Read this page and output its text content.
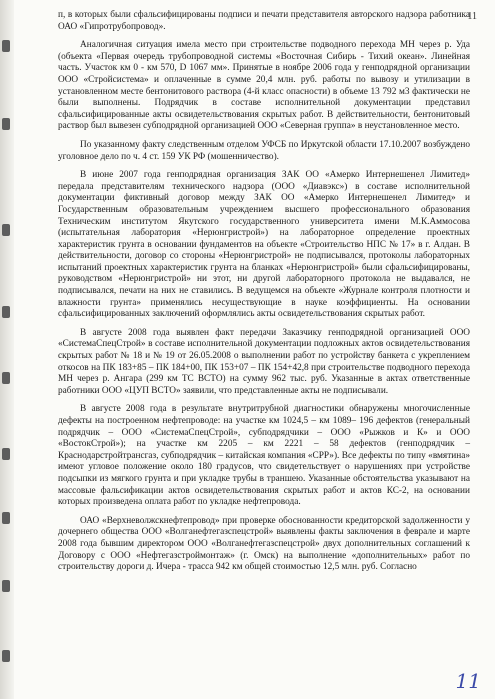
11

п, в которых были сфальсифицированы подписи и печати представителя авторского надзора работника ОАО «Гипротрубопровод».

Аналогичная ситуация имела место при строительстве подводного перехода МН через р. Уда (объекта «Первая очередь трубопроводной системы «Восточная Сибирь - Тихий океан». Линейная часть. Участок км 0 - км 570, D 1067 мм». Принятые в ноябре 2006 года у генподрядной организации ООО «Стройсистема» и оплаченные в сумме 20,4 млн. руб. работы по вывозу и утилизации в установленном месте бентонитового раствора (4-й класс опасности) в объеме 13 792 м3 фактически не были выполнены. Подрядчик в составе исполнительной документации представил сфальсифицированные акты освидетельствования скрытых работ. В действительности, бентонитовый раствор был вывезен субподрядной организацией ООО «Северная группа» в неустановленное место.

По указанному факту следственным отделом УФСБ по Иркутской области 17.10.2007 возбуждено уголовное дело по ч. 4 ст. 159 УК РФ (мошенничество).

В июне 2007 года генподрядная организация ЗАК ОО «Амерко Интернешенел Лимитед» передала представителям технического надзора (ООО «Диавэкс») в составе исполнительной документации фиктивный договор между ЗАК ОО «Амерко Интернешенел Лимитед» и Государственным образовательным учреждением высшего профессионального образования Техническим институтом Якутского государственного университета имени М.К.Аммосова (испытательная лаборатория «Нерюнгристрой») на лабораторное определение проектных характеристик грунта в основании фундаментов на объекте «Строительство НПС № 17» в г. Алдан. В действительности, договор со стороны «Нерюнгристрой» не подписывался, протоколы лабораторных испытаний проектных характеристик грунта на бланках «Нерюнгристрой» были сфальсифицированы, руководством «Нерюнгристрой» ни этот, ни другой лабораторного протокола не выдавался, не подписывался, печати на них не ставились. В ведущемся на объекте «Журнале контроля плотности и влажности грунта» применялись несуществующие в науке коэффициенты. На основании сфальсифицированных заключений оформлялись акты освидетельствования скрытых работ.

В августе 2008 года выявлен факт передачи Заказчику генподрядной организацией ООО «СистемаСпецСтрой» в составе исполнительной документации подложных актов освидетельствования скрытых работ № 18 и № 19 от 26.05.2008 о выполнении работ по устройству банкета с укреплением откосов на ПК 183+85 – ПК 184+00, ПК 153+07 – ПК 154+42,8 при строительстве подводного перехода МН через р. Ангара (299 км ТС ВСТО) на сумму 962 тыс. руб. Указанные в актах ответственные работники ООО «ЦУП ВСТО» заявили, что представленные акты не подписывали.

В августе 2008 года в результате внутритрубной диагностики обнаружены многочисленные дефекты на построенном нефтепроводе: на участке км 1024,5 – км 1089– 196 дефектов (генеральный подрядчик – ООО «СистемаСпецСтрой», субподрядчики – ООО «Рыжков и К» и ООО «ВостокСтрой»); на участке км 2205 – км 2221 – 58 дефектов (генподрядчик – Краснодарстройтрансгаз, субподрядчик – китайская компания «СРР»). Все дефекты по типу «вмятина» имеют угловое положение около 180 градусов, что свидетельствует о нарушениях при устройстве подсыпки из мягкого грунта и при укладке трубы в траншею. Указанные обстоятельства указывают на массовые фальсификации актов освидетельствования скрытых работ и актов КС-2, на основании которых произведена оплата работ по укладке нефтепровода.

ОАО «Верхневолжскнефтепровод» при проверке обоснованности кредиторской задолженности у дочернего общества ООО «Волганефтегазспецстрой» выявлены факты заключения в феврале и марте 2008 года бывшим директором ООО «Волганефтегазспецстрой» двух дополнительных соглашений к Договору с ООО «Нефтегазстроймонтаж» (г. Омск) на выполнение «дополнительных» работ по строительству дороги д. Ичера - трасса 942 км общей стоимостью 12,5 млн. руб. Согласно

11
